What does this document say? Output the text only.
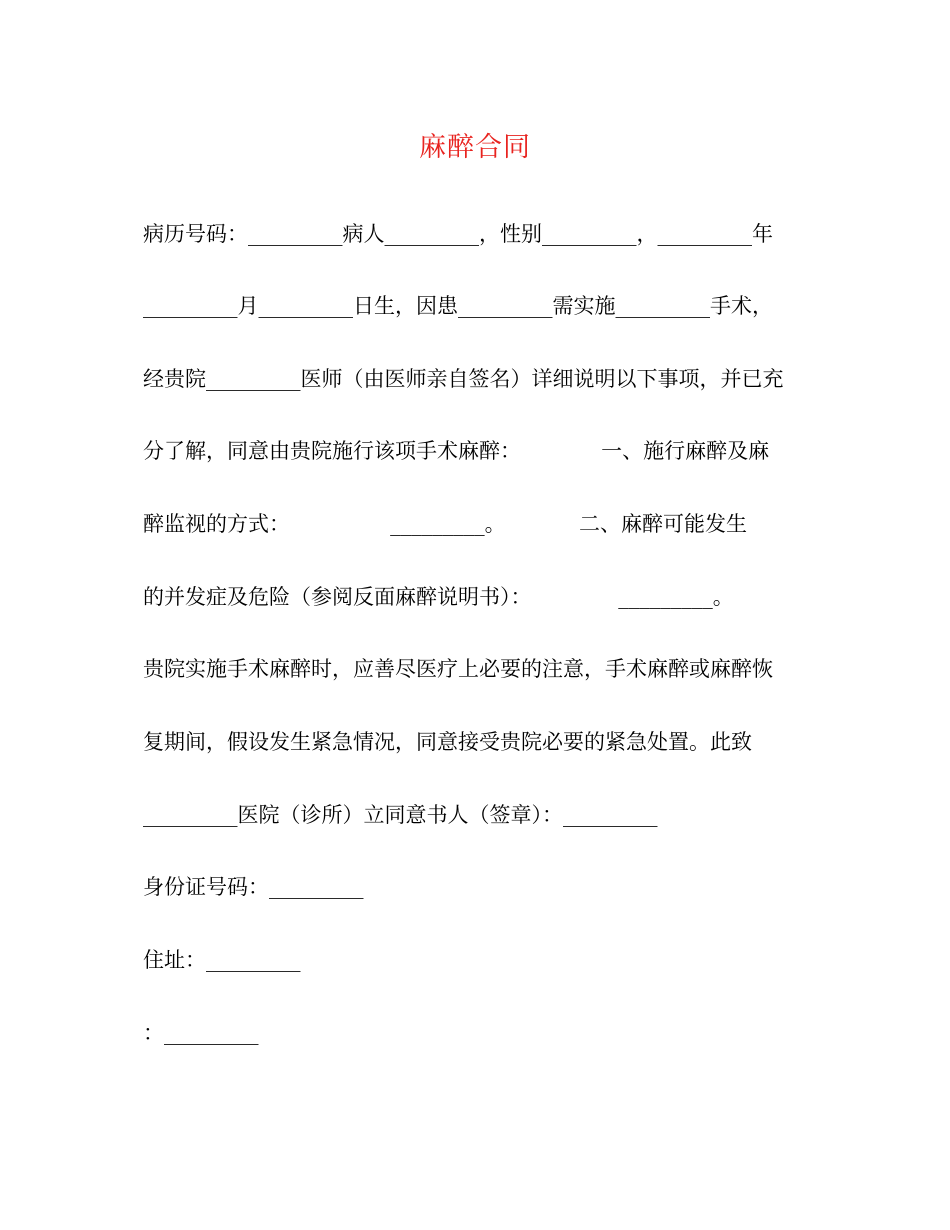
麻醉合同
病历号码：_________病人_________，性别_________，_________年
_________月_________日生，因患_________需实施_________手术，
经贵院_________医师（由医师亲自签名）详细说明以下事项，并已充
分了解，同意由贵院施行该项手术麻醉：            一、施行麻醉及麻
醉监视的方式：               _________。           二、麻醉可能发生
的并发症及危险（参阅反面麻醉说明书）：             _________。
贵院实施手术麻醉时，应善尽医疗上必要的注意，手术麻醉或麻醉恢
复期间，假设发生紧急情况，同意接受贵院必要的紧急处置。此致
_________医院（诊所）立同意书人（签章）：_________
身份证号码：_________
住址：_________
：_________
